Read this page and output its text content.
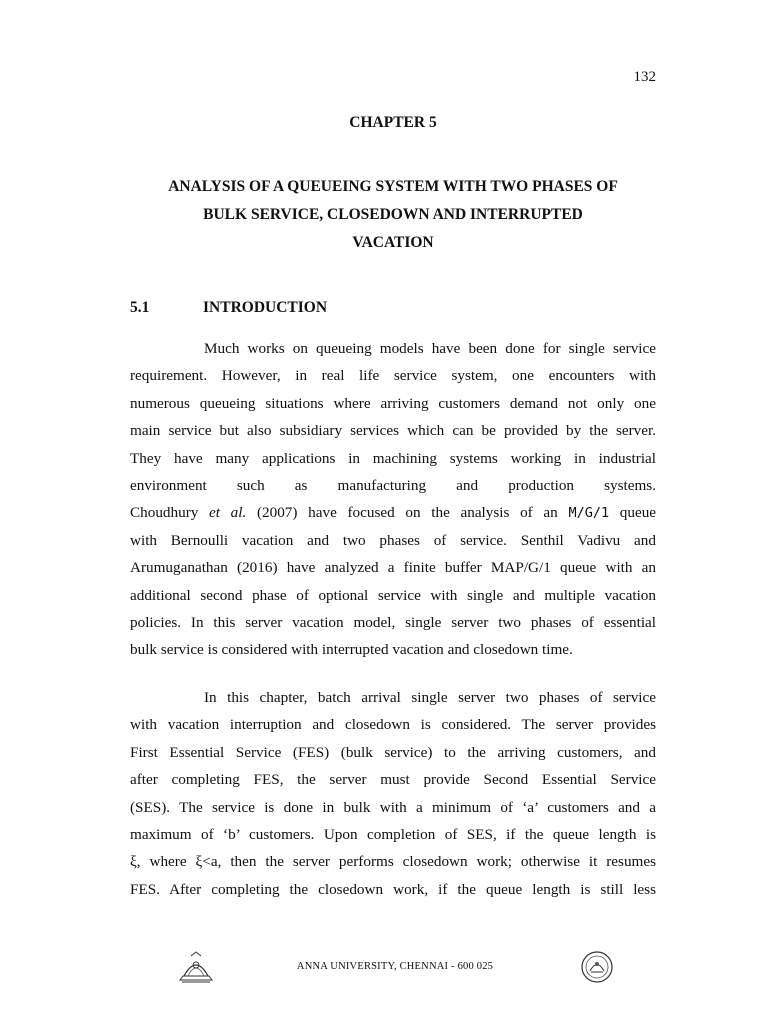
132
CHAPTER 5
ANALYSIS OF A QUEUEING SYSTEM WITH TWO PHASES OF
BULK SERVICE, CLOSEDOWN AND INTERRUPTED
VACATION
5.1	INTRODUCTION
Much works on queueing models have been done for single service
requirement. However, in real life service system, one encounters with
numerous queueing situations where arriving customers demand not only one
main service but also subsidiary services which can be provided by the server.
They have many applications in machining systems working in industrial
environment such as manufacturing and production systems.
Choudhury et al. (2007) have focused on the analysis of an M/G/1 queue
with Bernoulli vacation and two phases of service. Senthil Vadivu and
Arumuganathan (2016) have analyzed a finite buffer MAP/G/1 queue with an
additional second phase of optional service with single and multiple vacation
policies. In this server vacation model, single server two phases of essential
bulk service is considered with interrupted vacation and closedown time.
In this chapter, batch arrival single server two phases of service
with vacation interruption and closedown is considered. The server provides
First Essential Service (FES) (bulk service) to the arriving customers, and
after completing FES, the server must provide Second Essential Service
(SES). The service is done in bulk with a minimum of ‘a’ customers and a
maximum of ‘b’ customers. Upon completion of SES, if the queue length is
ξ, where ξ<a, then the server performs closedown work; otherwise it resumes
FES. After completing the closedown work, if the queue length is still less
ANNA UNIVERSITY, CHENNAI - 600 025
